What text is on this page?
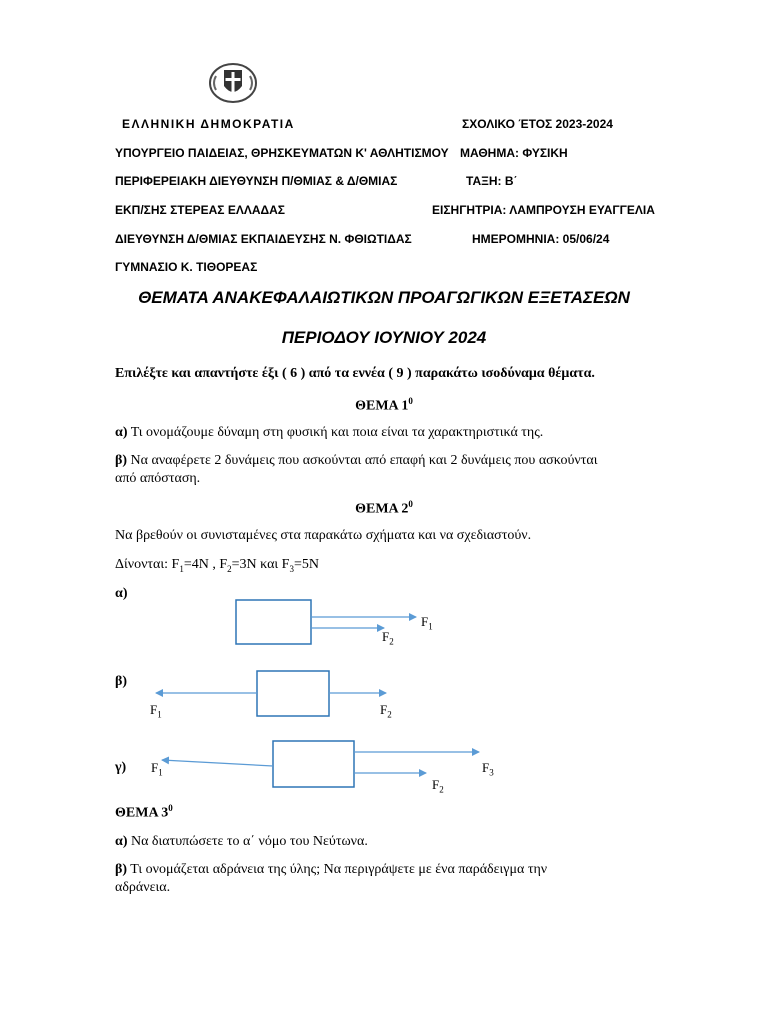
ΕΛΛΗΝΙΚΗ ΔΗΜΟΚΡΑΤΙΑ
ΥΠΟΥΡΓΕΙΟ ΠΑΙΔΕΙΑΣ, ΘΡΗΣΚΕΥΜΑΤΩΝ Κ' ΑΘΛΗΤΙΣΜΟΥ
ΠΕΡΙΦΕΡΕΙΑΚΗ ΔΙΕΥΘΥΝΣΗ Π/ΘΜΙΑΣ & Δ/ΘΜΙΑΣ
ΕΚΠ/ΣΗΣ ΣΤΕΡΕΑΣ ΕΛΛΑΔΑΣ
ΔΙΕΥΘΥΝΣΗ Δ/ΘΜΙΑΣ ΕΚΠΑΙΔΕΥΣΗΣ Ν. ΦΘΙΩΤΙΔΑΣ
ΓΥΜΝΑΣΙΟ Κ. ΤΙΘΟΡΕΑΣ
ΣΧΟΛΙΚΟ ΈΤΟΣ 2023-2024
ΜΑΘΗΜΑ: ΦΥΣΙΚΗ
ΤΑΞΗ: Β΄
ΕΙΣΗΓΗΤΡΙΑ: ΛΑΜΠΡΟΥΣΗ ΕΥΑΓΓΕΛΙΑ
ΗΜΕΡΟΜΗΝΙΑ: 05/06/24
ΘΕΜΑΤΑ ΑΝΑΚΕΦΑΛΑΙΩΤΙΚΩΝ ΠΡΟΑΓΩΓΙΚΩΝ ΕΞΕΤΑΣΕΩΝ
ΠΕΡΙΟΔΟΥ ΙΟΥΝΙΟΥ 2024
Επιλέξτε και απαντήστε έξι ( 6 ) από τα εννέα ( 9 ) παρακάτω ισοδύναμα θέματα.
ΘΕΜΑ $1^0$
α) Τι ονομάζουμε δύναμη στη φυσική και ποια είναι τα χαρακτηριστικά της.
β) Να αναφέρετε 2 δυνάμεις που ασκούνται από επαφή και 2 δυνάμεις που ασκούνται
από απόσταση.
ΘΕΜΑ $2^0$
Να βρεθούν οι συνισταμένες στα παρακάτω σχήματα και να σχεδιαστούν.
Δίνονται: $F_1=4N$ , $F_2=3N$ και $F_3=5N$
α)
$F_1$
$F_2$
β)
$F_1$	$F_2$
γ) $F_1$	$F_3$
$F_2$
ΘΕΜΑ $3^0$
α) Να διατυπώσετε το α΄ νόμο του Νεύτωνα.
β) Τι ονομάζεται αδράνεια της ύλης; Να περιγράψετε με ένα παράδειγμα την
αδράνεια.
